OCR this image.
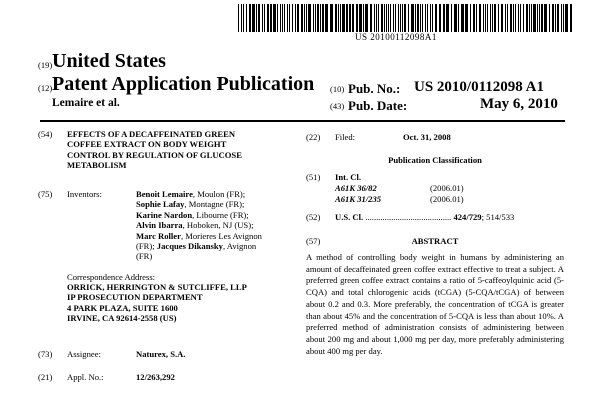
US 20100112098A1
(19) United States
(12) Patent Application Publication
Lemaire et al.
(10) Pub. No.: US 2010/0112098 A1
(43) Pub. Date:	May 6, 2010
(54) EFFECTS OF A DECAFFEINATED GREEN
COFFEE EXTRACT ON BODY WEIGHT
CONTROL BY REGULATION OF GLUCOSE
METABOLISM
(75) Inventors:	Benoit Lemaire, Moulon (FR);
Sophie Lafay, Montagne (FR);
Karine Nardon, Libourne (FR);
Alvin Ibarra, Hoboken, NJ (US);
Marc Roller, Morieres Les Avignon
(FR); Jacques Dikansky, Avignon
(FR)
Correspondence Address:
ORRICK, HERRINGTON & SUTCLIFFE, LLP
IP PROSECUTION DEPARTMENT
4 PARK PLAZA, SUITE 1600
IRVINE, CA 92614-2558 (US)
(73) Assignee:	Naturex, S.A.
(21) Appl. No.:	12/263,292
(22) Filed:	Oct. 31, 2008
Publication Classification
(51) Int. Cl.
A61K 36/82	(2006.01)
A61K 31/235	(2006.01)
(52) U.S. Cl. ........................................ 424/729; 514/533
(57)	ABSTRACT
A method of controlling body weight in humans by administering an amount of decaffeinated green coffee extract effective to treat a subject. A preferred green coffee extract contains a ratio of 5-caffeoylquinic acid (5-CQA) and total chlorogenic acids (tCGA) (5-CQA/tCGA) of between about 0.2 and 0.3. More preferably, the concentration of tCGA is greater than about 45% and the concentration of 5-CQA is less than about 10%. A preferred method of administration consists of administering between about 200 mg and about 1,000 mg per day, more preferably administering about 400 mg per day.
